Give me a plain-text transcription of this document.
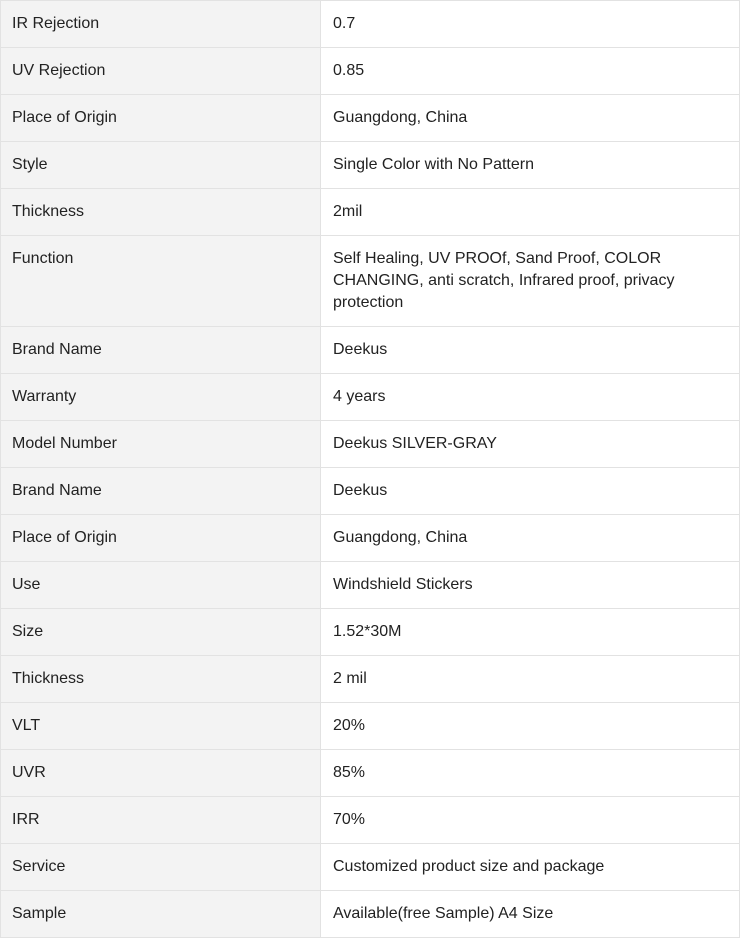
IR Rejection	0.7
UV Rejection	0.85
Place of Origin	Guangdong, China
Style	Single Color with No Pattern
Thickness	2mil
Function	Self Healing, UV PROOf, Sand Proof, COLOR CHANGING, anti scratch, Infrared proof, privacy protection
Brand Name	Deekus
Warranty	4 years
Model Number	Deekus SILVER-GRAY
Brand Name	Deekus
Place of Origin	Guangdong, China
Use	Windshield Stickers
Size	1.52*30M
Thickness	2 mil
VLT	20%
UVR	85%
IRR	70%
Service	Customized product size and package
Sample	Available(free Sample) A4 Size
